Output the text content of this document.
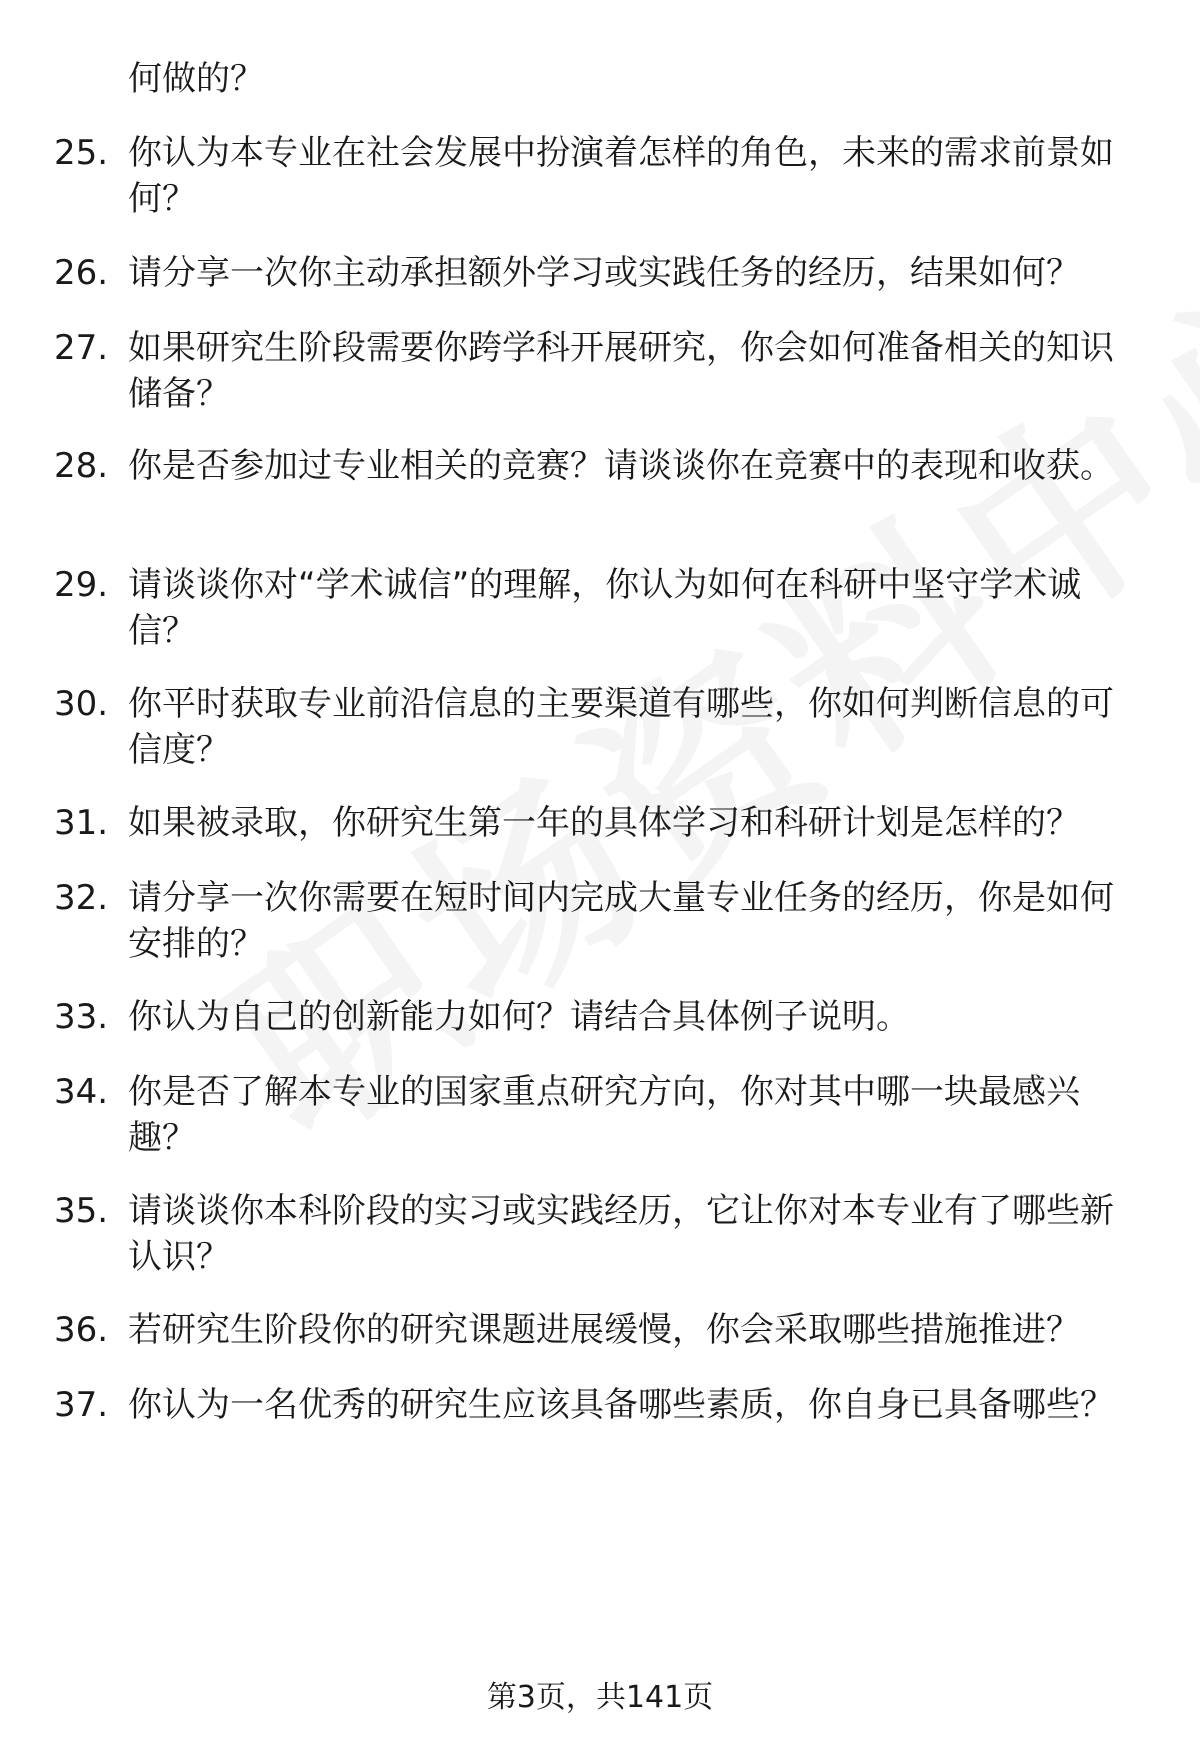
何做的？
25. 你认为本专业在社会发展中扮演着怎样的角色，未来的需求前景如何？
26. 请分享一次你主动承担额外学习或实践任务的经历，结果如何？
27. 如果研究生阶段需要你跨学科开展研究，你会如何准备相关的知识储备？
28. 你是否参加过专业相关的竞赛？请谈谈你在竞赛中的表现和收获。
29. 请谈谈你对“学术诚信”的理解，你认为如何在科研中坚守学术诚信？
30. 你平时获取专业前沿信息的主要渠道有哪些，你如何判断信息的可信度？
31. 如果被录取，你研究生第一年的具体学习和科研计划是怎样的？
32. 请分享一次你需要在短时间内完成大量专业任务的经历，你是如何安排的？
33. 你认为自己的创新能力如何？请结合具体例子说明。
34. 你是否了解本专业的国家重点研究方向，你对其中哪一块最感兴趣？
35. 请谈谈你本科阶段的实习或实践经历，它让你对本专业有了哪些新认识？
36. 若研究生阶段你的研究课题进展缓慢，你会采取哪些措施推进？
37. 你认为一名优秀的研究生应该具备哪些素质，你自身已具备哪些？
第3页，共141页
